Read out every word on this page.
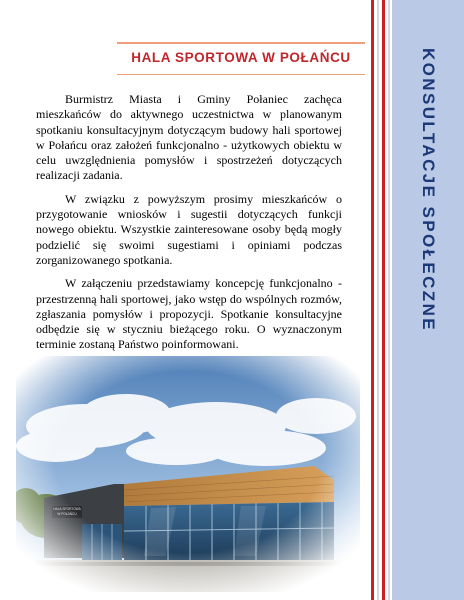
KONSULTACJE SPOŁECZNE
HALA SPORTOWA W POŁAŃCU

Burmistrz Miasta i Gminy Połaniec zachęca mieszkańców do aktywnego uczestnictwa w planowanym spotkaniu konsultacyjnym dotyczącym budowy hali sportowej w Połańcu oraz założeń funkcjonalno - użytkowych obiektu w celu uwzględnienia pomysłów i spostrzeżeń dotyczących realizacji zadania.

W związku z powyższym prosimy mieszkańców o przygotowanie wniosków i sugestii dotyczących funkcji nowego obiektu. Wszystkie zainteresowane osoby będą mogły podzielić się swoimi sugestiami i opiniami podczas zorganizowanego spotkania.

W załączeniu przedstawiamy koncepcję funkcjonalno - przestrzenną hali sportowej, jako wstęp do wspólnych rozmów, zgłaszania pomysłów i propozycji. Spotkanie konsultacyjne odbędzie się w styczniu bieżącego roku. O wyznaczonym terminie zostaną Państwo poinformowani.
